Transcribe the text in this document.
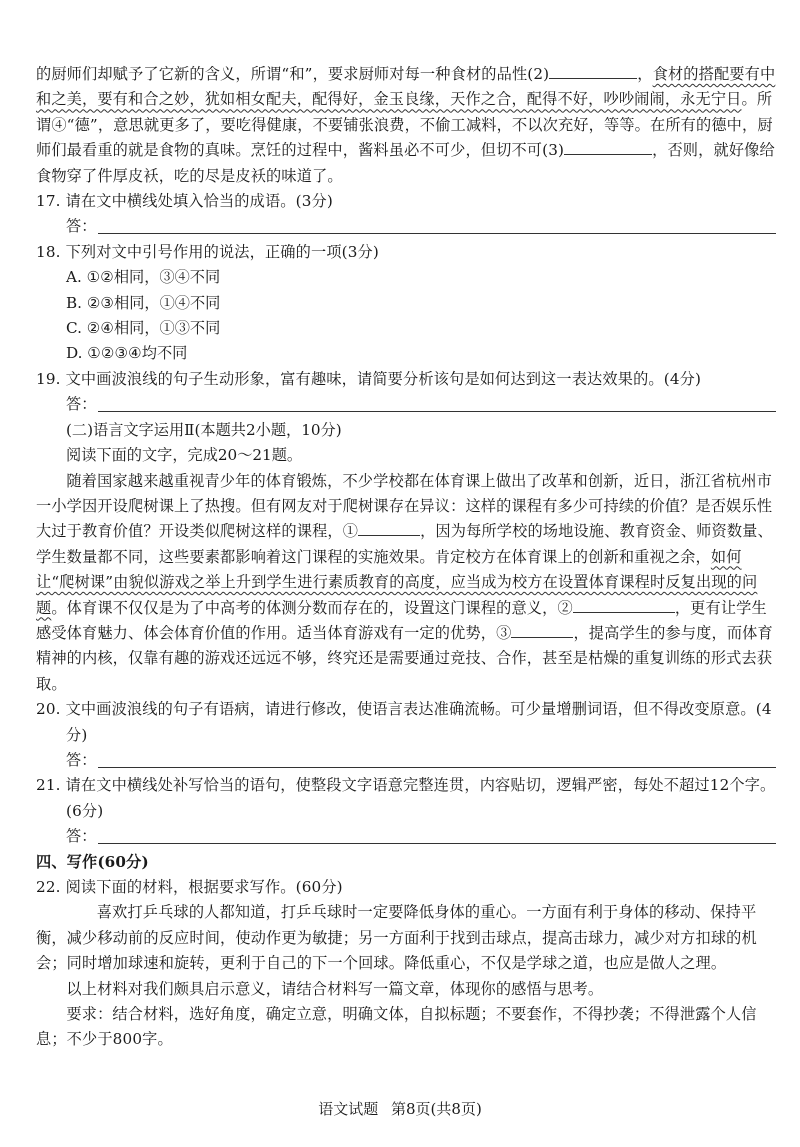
的厨师们却赋予了它新的含义，所谓“和”，要求厨师对每一种食材的品性(2)	，食材的搭配要有中和之美，要有和合之妙，犹如相女配夫，配得好，金玉良缘，天作之合，配得不好，吵吵闹闹，永无宁日。所谓④“德”，意思就更多了，要吃得健康，不要铺张浪费，不偷工减料，不以次充好，等等。在所有的德中，厨师们最看重的就是食物的真味。烹饪的过程中，酱料虽必不可少，但切不可(3)	，否则，就好像给食物穿了件厚皮袄，吃的尽是皮袄的味道了。

17. 请在文中横线处填入恰当的成语。(3分)

答：

18. 下列对文中引号作用的说法，正确的一项(3分)

A. ①②相同，③④不同

B. ②③相同，①④不同

C. ②④相同，①③不同

D. ①②③④均不同

19. 文中画波浪线的句子生动形象，富有趣味，请简要分析该句是如何达到这一表达效果的。(4分)

答：

(二)语言文字运用Ⅱ(本题共2小题，10分)

阅读下面的文字，完成20～21题。

随着国家越来越重视青少年的体育锻炼，不少学校都在体育课上做出了改革和创新，近日，浙江省杭州市一小学因开设爬树课上了热搜。但有网友对于爬树课存在异议：这样的课程有多少可持续的价值？是否娱乐性大过于教育价值？开设类似爬树这样的课程，①	，因为每所学校的场地设施、教育资金、师资数量、学生数量都不同，这些要素都影响着这门课程的实施效果。肯定校方在体育课上的创新和重视之余，如何让“爬树课”由貌似游戏之举上升到学生进行素质教育的高度，应当成为校方在设置体育课程时反复出现的问题。体育课不仅仅是为了中高考的体测分数而存在的，设置这门课程的意义，②	，更有让学生感受体育魅力、体会体育价值的作用。适当体育游戏有一定的优势，③	，提高学生的参与度，而体育精神的内核，仅靠有趣的游戏还远远不够，终究还是需要通过竞技、合作，甚至是枯燥的重复训练的形式去获取。

20. 文中画波浪线的句子有语病，请进行修改，使语言表达准确流畅。可少量增删词语，但不得改变原意。(4分)

答：

21. 请在文中横线处补写恰当的语句，使整段文字语意完整连贯，内容贴切，逻辑严密，每处不超过12个字。(6分)

答：

四、写作(60分)

22. 阅读下面的材料，根据要求写作。(60分)

喜欢打乒乓球的人都知道，打乒乓球时一定要降低身体的重心。一方面有利于身体的移动、保持平衡，减少移动前的反应时间，使动作更为敏捷；另一方面利于找到击球点，提高击球力，减少对方扣球的机会；同时增加球速和旋转，更利于自己的下一个回球。降低重心，不仅是学球之道，也应是做人之理。

以上材料对我们颇具启示意义，请结合材料写一篇文章，体现你的感悟与思考。

要求：结合材料，选好角度，确定立意，明确文体，自拟标题；不要套作，不得抄袭；不得泄露个人信息；不少于800字。

语文试题 第8页(共8页)
